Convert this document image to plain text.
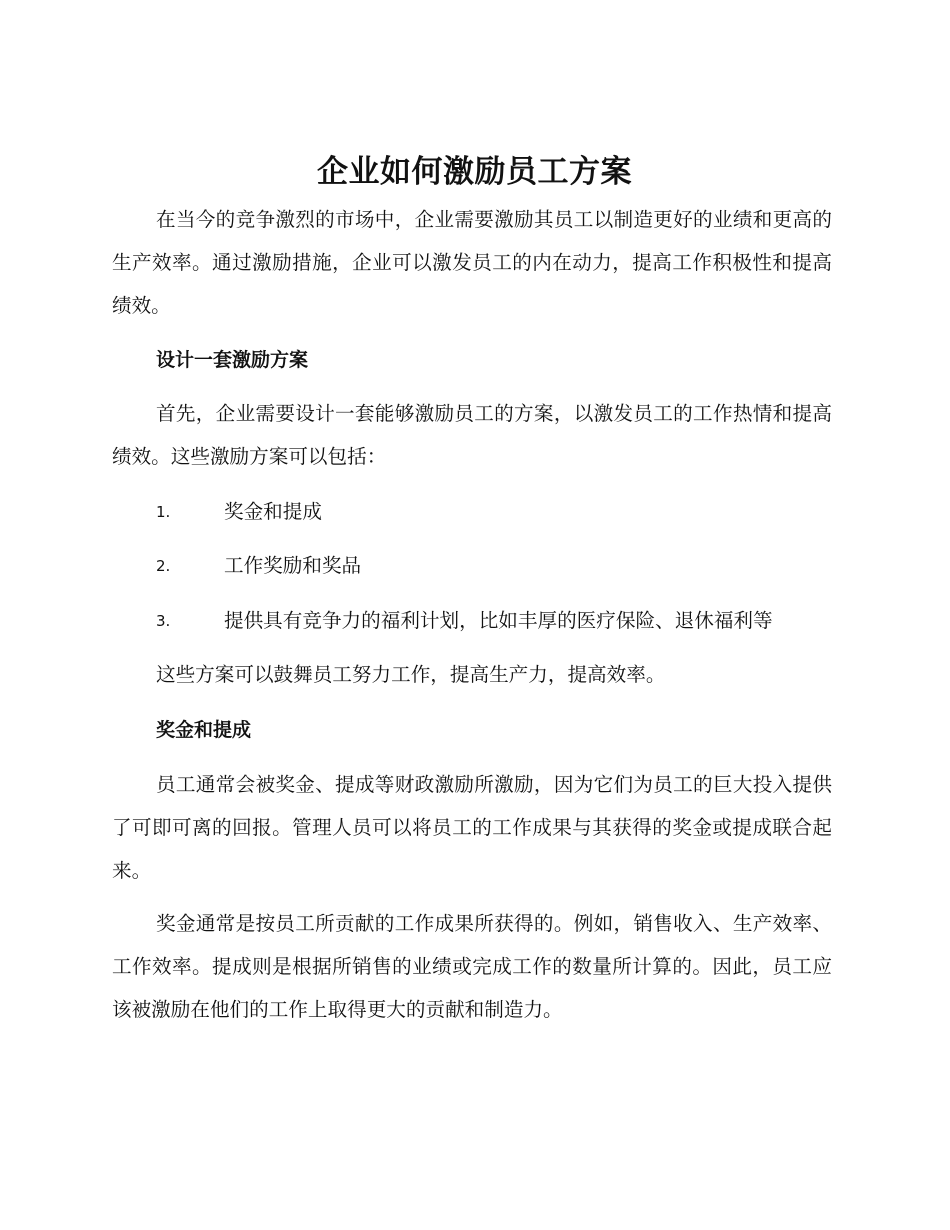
企业如何激励员工方案

在当今的竞争激烈的市场中，企业需要激励其员工以制造更好的业绩和更高的生产效率。通过激励措施，企业可以激发员工的内在动力，提高工作积极性和提高绩效。

设计一套激励方案

首先，企业需要设计一套能够激励员工的方案，以激发员工的工作热情和提高绩效。这些激励方案可以包括：

1.	奖金和提成
2.	工作奖励和奖品
3.	提供具有竞争力的福利计划，比如丰厚的医疗保险、退休福利等

这些方案可以鼓舞员工努力工作，提高生产力，提高效率。

奖金和提成

员工通常会被奖金、提成等财政激励所激励，因为它们为员工的巨大投入提供了可即可离的回报。管理人员可以将员工的工作成果与其获得的奖金或提成联合起来。

奖金通常是按员工所贡献的工作成果所获得的。例如，销售收入、生产效率、工作效率。提成则是根据所销售的业绩或完成工作的数量所计算的。因此，员工应该被激励在他们的工作上取得更大的贡献和制造力。
